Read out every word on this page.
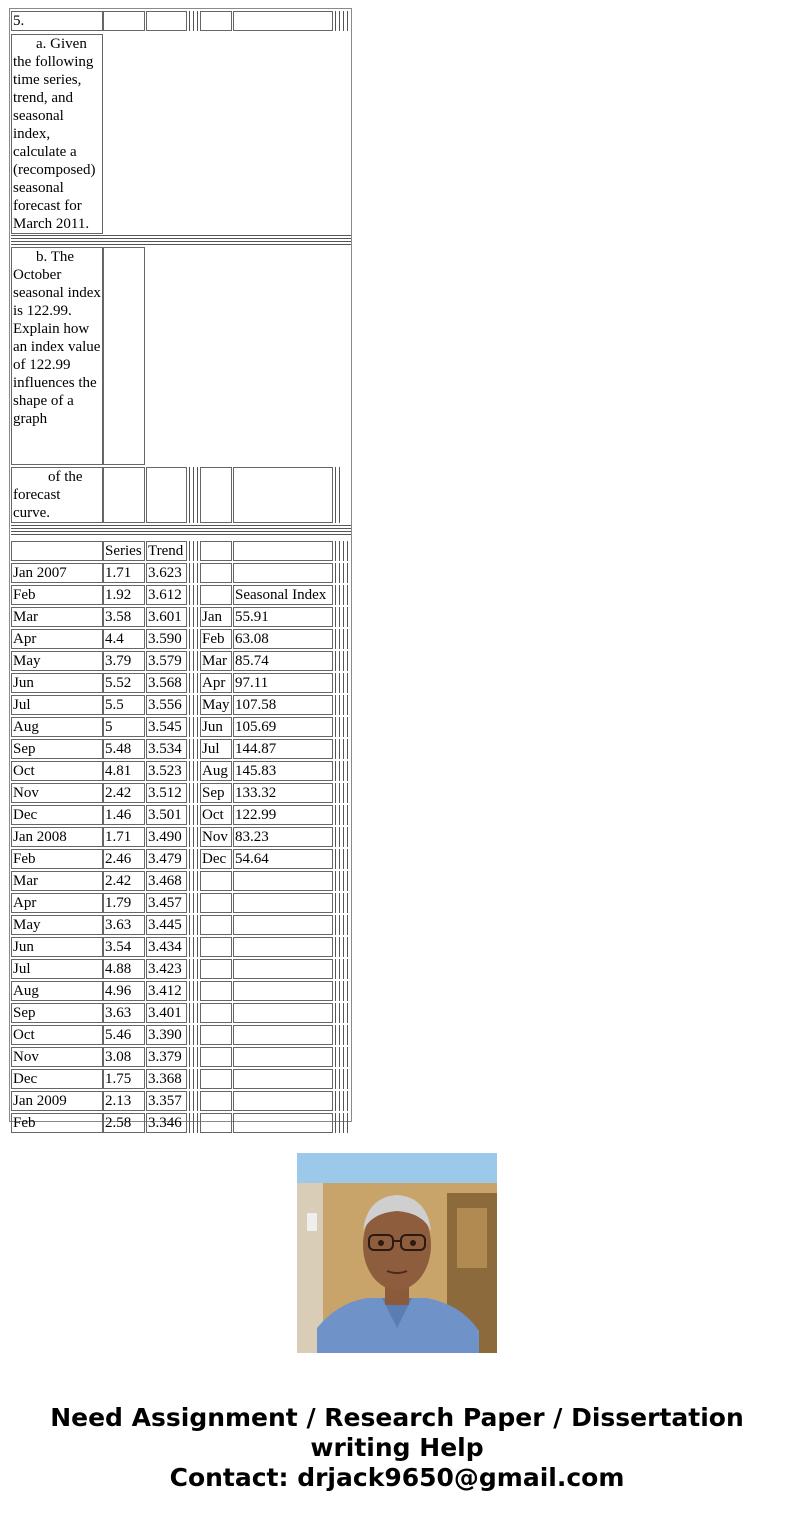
5.
a. Given the following time series, trend, and seasonal index, calculate a (recomposed) seasonal forecast for March 2011.
b. The October seasonal index is 122.99. Explain how an index value of 122.99 influences the shape of a graph
of the forecast curve.
Series Trend
Jan 2007	1.71	3.623
Feb	1.92	3.612	Seasonal Index
Mar	3.58	3.601	Jan 55.91
Apr	4.4	3.590	Feb 63.08
May	3.79	3.579	Mar 85.74
Jun	5.52	3.568	Apr 97.11
Jul	5.5	3.556	May 107.58
Aug	5	3.545	Jun 105.69
Sep	5.48	3.534	Jul	144.87
Oct	4.81	3.523	Aug 145.83
Nov	2.42	3.512	Sep 133.32
Dec	1.46	3.501	Oct 122.99
Jan 2008	1.71	3.490	Nov 83.23
Feb	2.46	3.479	Dec 54.64
Mar	2.42	3.468
Apr	1.79	3.457
May	3.63	3.445
Jun	3.54	3.434
Jul	4.88	3.423
Aug	4.96	3.412
Sep	3.63	3.401
Oct	5.46	3.390
Nov	3.08	3.379
Dec	1.75	3.368
Jan 2009	2.13	3.357
Feb	2.58	3.346
Need Assignment / Research Paper / Dissertation
writing Help
Contact: drjack9650@gmail.com
